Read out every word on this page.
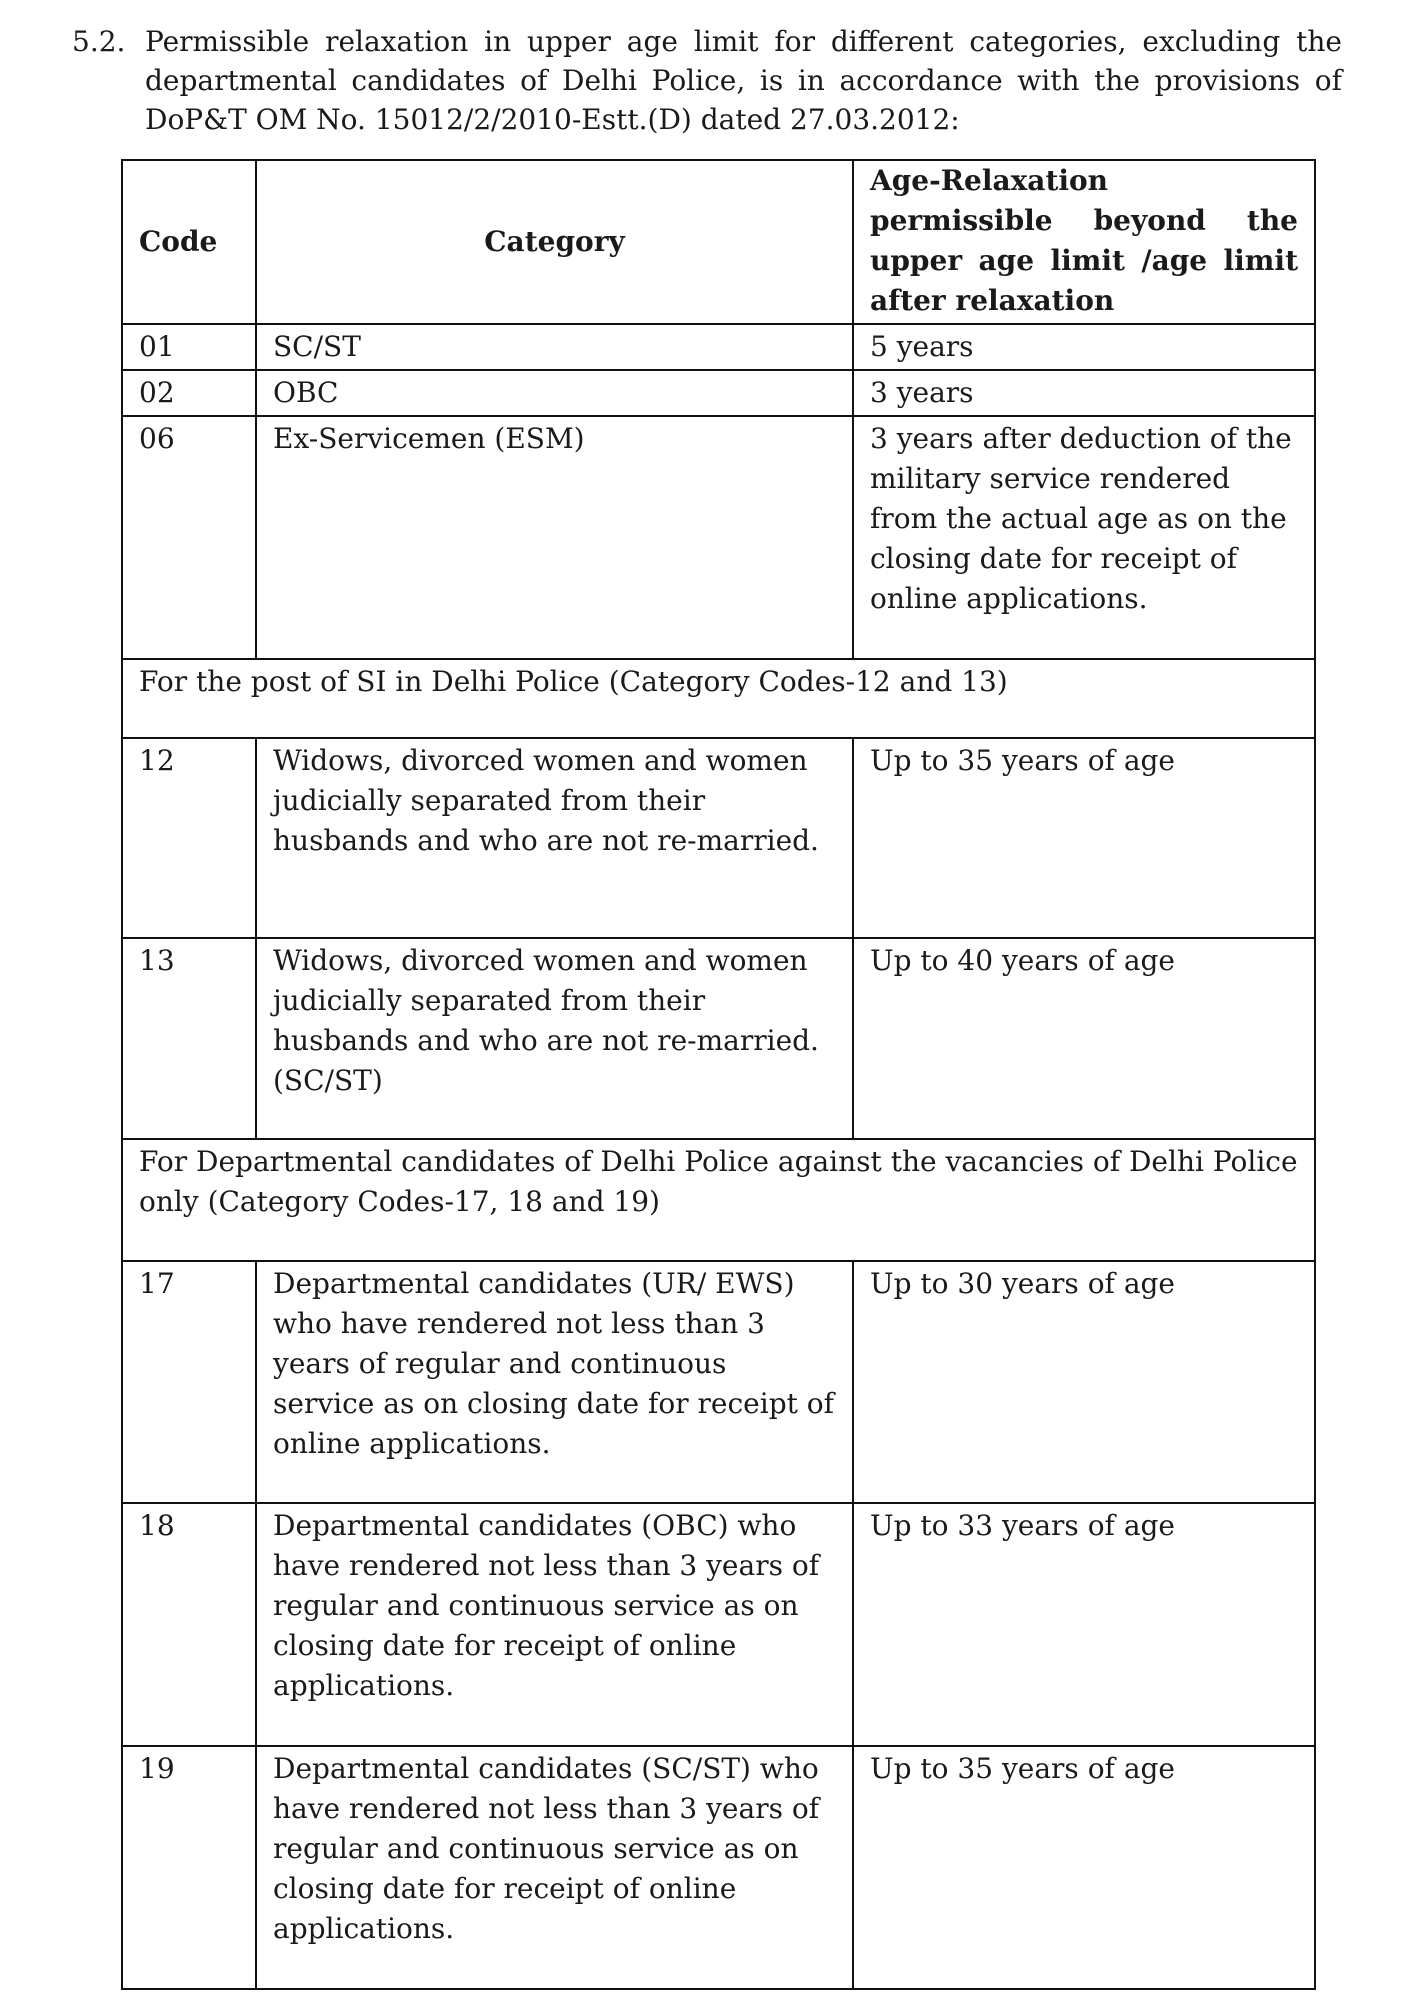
5.2. Permissible relaxation in upper age limit for different categories, excluding the departmental candidates of Delhi Police, is in accordance with the provisions of DoP&T OM No. 15012/2/2010-Estt.(D) dated 27.03.2012:
Code	Category	Age-Relaxation permissible beyond the upper age limit /age limit after relaxation
01	SC/ST	5 years
02	OBC	3 years
06	Ex-Servicemen (ESM)	3 years after deduction of the military service rendered from the actual age as on the closing date for receipt of online applications.
For the post of SI in Delhi Police (Category Codes-12 and 13)		
12	Widows, divorced women and women judicially separated from their husbands and who are not re-married.	Up to 35 years of age
13	Widows, divorced women and women judicially separated from their husbands and who are not re-married. (SC/ST)	Up to 40 years of age
For Departmental candidates of Delhi Police against the vacancies of Delhi Police only (Category Codes-17, 18 and 19)		
17	Departmental candidates (UR/ EWS) who have rendered not less than 3 years of regular and continuous service as on closing date for receipt of online applications.	Up to 30 years of age
18	Departmental candidates (OBC) who have rendered not less than 3 years of regular and continuous service as on closing date for receipt of online applications.	Up to 33 years of age
19	Departmental candidates (SC/ST) who have rendered not less than 3 years of regular and continuous service as on closing date for receipt of online applications.	Up to 35 years of age
